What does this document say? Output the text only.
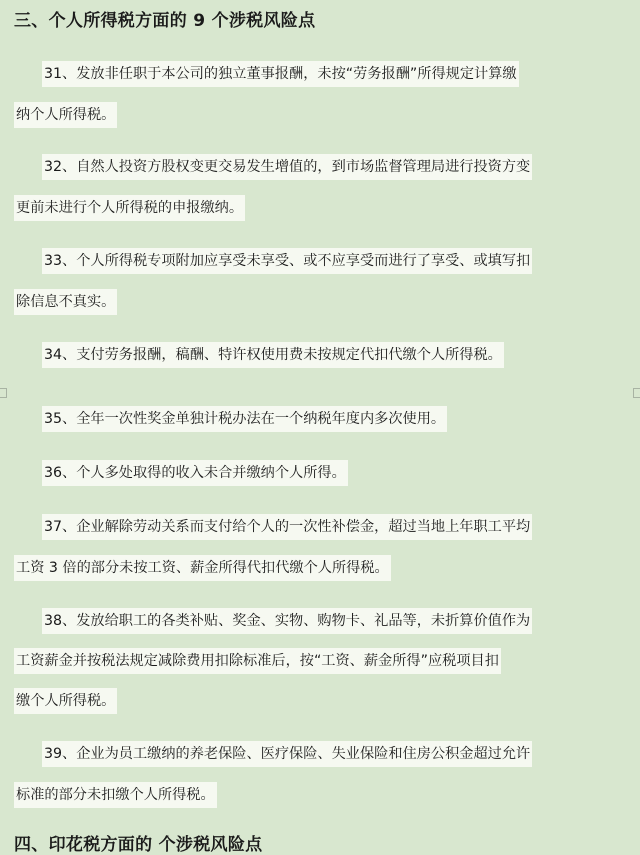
三、个人所得税方面的 9 个涉税风险点
31、发放非任职于本公司的独立董事报酬，未按“劳务报酬”所得规定计算缴
纳个人所得税。
32、自然人投资方股权变更交易发生增值的，到市场监督管理局进行投资方变
更前未进行个人所得税的申报缴纳。
33、个人所得税专项附加应享受未享受、或不应享受而进行了享受、或填写扣
除信息不真实。
34、支付劳务报酬，稿酬、特许权使用费未按规定代扣代缴个人所得税。
35、全年一次性奖金单独计税办法在一个纳税年度内多次使用。
36、个人多处取得的收入未合并缴纳个人所得。
37、企业解除劳动关系而支付给个人的一次性补偿金，超过当地上年职工平均
工资 3 倍的部分未按工资、薪金所得代扣代缴个人所得税。
38、发放给职工的各类补贴、奖金、实物、购物卡、礼品等，未折算价值作为
工资薪金并按税法规定减除费用扣除标准后，按“工资、薪金所得”应税项目扣
缴个人所得税。
39、企业为员工缴纳的养老保险、医疗保险、失业保险和住房公积金超过允许
标准的部分未扣缴个人所得税。
四、印花税方面的 个涉税风险点
